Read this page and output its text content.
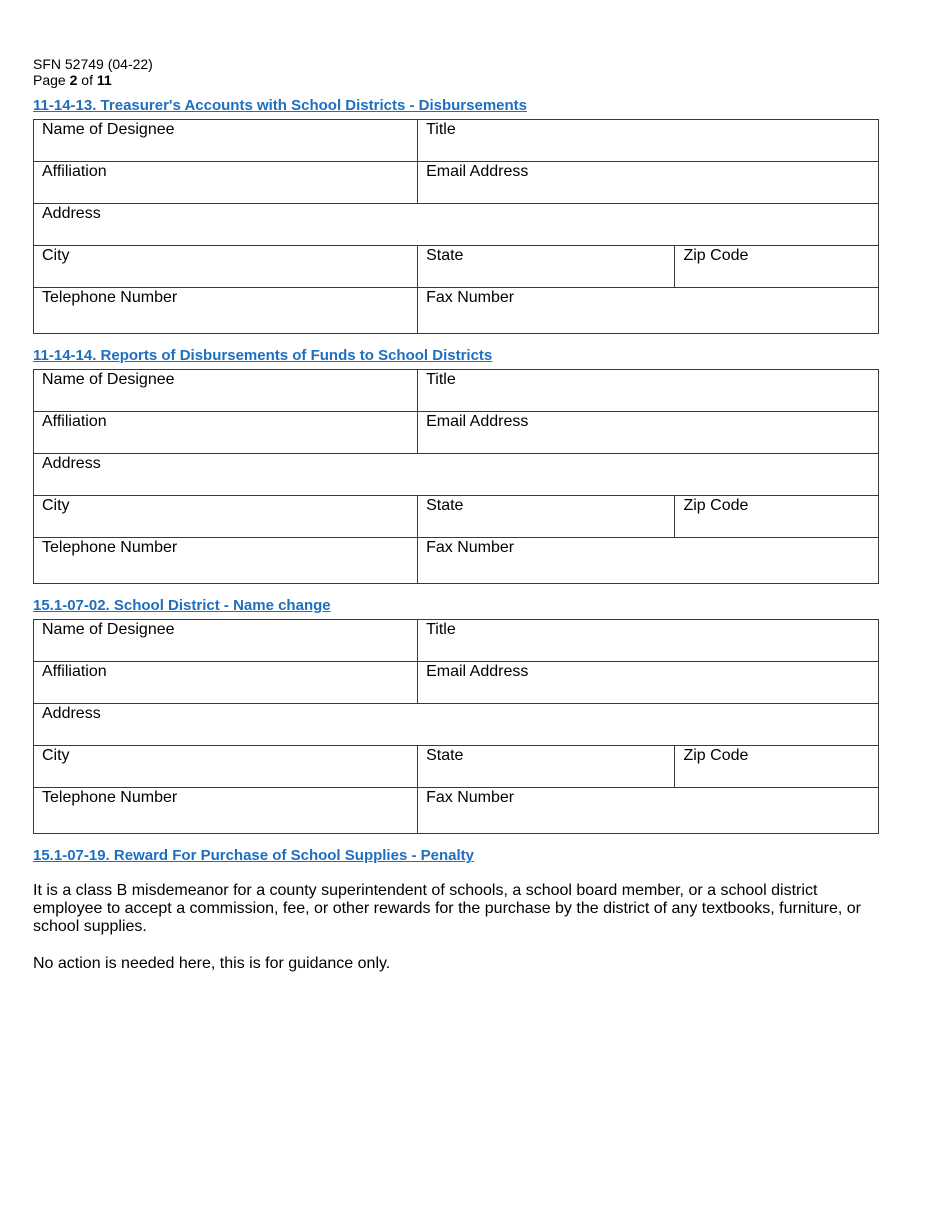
SFN 52749 (04-22)
Page 2 of 11
11-14-13. Treasurer's Accounts with School Districts - Disbursements
Name of Designee	Title
Affiliation	Email Address
Address
City	State	Zip Code
Telephone Number	Fax Number
11-14-14. Reports of Disbursements of Funds to School Districts
Name of Designee	Title
Affiliation	Email Address
Address
City	State	Zip Code
Telephone Number	Fax Number
15.1-07-02. School District - Name change
Name of Designee	Title
Affiliation	Email Address
Address
City	State	Zip Code
Telephone Number	Fax Number
15.1-07-19. Reward For Purchase of School Supplies - Penalty
It is a class B misdemeanor for a county superintendent of schools, a school board member, or a school district employee to accept a commission, fee, or other rewards for the purchase by the district of any textbooks, furniture, or school supplies.
No action is needed here, this is for guidance only.
